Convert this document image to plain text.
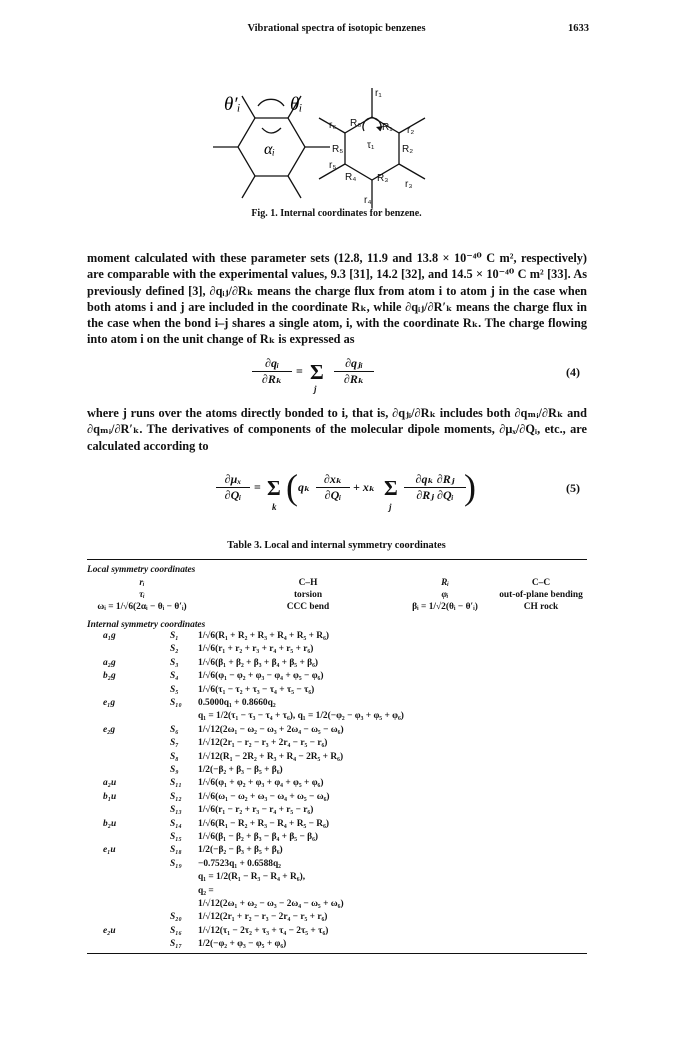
Vibrational spectra of isotopic benzenes	1633
θ′ᵢ	θᵢ
αᵢ
r₁
r₂
r₃
r₄
r₅
r₆	R₁
R₂
R₃
R₄
R₅
R₆
τ₁
Fig. 1. Internal coordinates for benzene.

moment calculated with these parameter sets (12.8, 11.9 and 13.8 × 10⁻⁴⁰ C m², respectively) are comparable with the experimental values, 9.3 [31], 14.2 [32], and 14.5 × 10⁻⁴⁰ C m² [33]. As previously defined [3], ∂qᵢⱼ/∂Rₖ means the charge flux from atom i to atom j in the case when both atoms i and j are included in the coordinate Rₖ, while ∂qᵢⱼ/∂R′ₖ means the charge flux in the case when the bond i–j shares a single atom, i, with the coordinate Rₖ. The charge flowing into atom i on the unit change of Rₖ is expressed as

∂qᵢ
∂Rₖ
= Σ
j
∂qⱼᵢ
∂Rₖ	(4)

where j runs over the atoms directly bonded to i, that is, ∂qⱼᵢ/∂Rₖ includes both ∂qₘᵢ/∂Rₖ and ∂qₘᵢ/∂R′ₖ. The derivatives of components of the molecular dipole moments, ∂μₓ/∂Qᵢ, etc., are calculated according to

∂μₓ
∂Qᵢ
= Σ
k ( qₖ
∂xₖ
∂Qᵢ
+ xₖ Σ
j
∂qₖ ∂Rⱼ
∂Rⱼ ∂Qᵢ )	(5)
Table 3. Local and internal symmetry coordinates
Local symmetry coordinates
rᵢ	C–H	Rᵢ	C–C
τᵢ	torsion	φᵢ	out-of-plane bending
ωᵢ = 1/√6(2αᵢ − θᵢ − θ′ᵢ)	CCC bend	βᵢ = 1/√2(θᵢ − θ′ᵢ)	CH rock
Internal symmetry coordinates
a₁g	S₁ 1/√6(R₁ + R₂ + R₃ + R₄ + R₅ + R₆)
S₂ 1/√6(r₁ + r₂ + r₃ + r₄ + r₅ + r₆)
a₂g	S₃ 1/√6(β₁ + β₂ + β₃ + β₄ + β₅ + β₆)
b₂g	S₄ 1/√6(φ₁ − φ₂ + φ₃ − φ₄ + φ₅ − φ₆)
S₅ 1/√6(τ₁ − τ₂ + τ₃ − τ₄ + τ₅ − τ₆)
e₁g	S₁₀ 0.5000q₁ + 0.8660q₂
q₁ = 1/2(τ₁ − τ₃ − τ₄ + τ₆), q₁ = 1/2(−φ₂ − φ₃ + φ₅ + φ₆)
e₂g	S₆ 1/√12(2ω₁ − ω₂ − ω₃ + 2ω₄ − ω₅ − ω₆)
S₇ 1/√12(2r₁ − r₂ − r₃ + 2r₄ − r₅ − r₆)
S₈ 1/√12(R₁ − 2R₂ + R₃ + R₄ − 2R₅ + R₆)
S₉ 1/2(−β₂ + β₃ − β₅ + β₆)
a₂u	S₁₁ 1/√6(φ₁ + φ₂ + φ₃ + φ₄ + φ₅ + φ₆)
b₁u	S₁₂ 1/√6(ω₁ − ω₂ + ω₃ − ω₄ + ω₅ − ω₆)
S₁₃ 1/√6(r₁ − r₂ + r₃ − r₄ + r₅ − r₆)
b₂u	S₁₄ 1/√6(R₁ − R₂ + R₃ − R₄ + R₅ − R₆)
S₁₅ 1/√6(β₁ − β₂ + β₃ − β₄ + β₅ − β₆)
e₁u	S₁₈ 1/2(−β₂ − β₃ + β₅ + β₆)
S₁₉ −0.7523q₁ + 0.6588q₂
q₁ = 1/2(R₁ − R₃ − R₄ + R₆),
q₂ =
1/√12(2ω₁ + ω₂ − ω₃ − 2ω₄ − ω₅ + ω₆)
S₂₀ 1/√12(2r₁ + r₂ − r₃ − 2r₄ − r₅ + r₆)
e₂u	S₁₆ 1/√12(τ₁ − 2τ₂ + τ₃ + τ₄ − 2τ₅ + τ₆)
S₁₇ 1/2(−φ₂ + φ₃ − φ₅ + φ₆)
